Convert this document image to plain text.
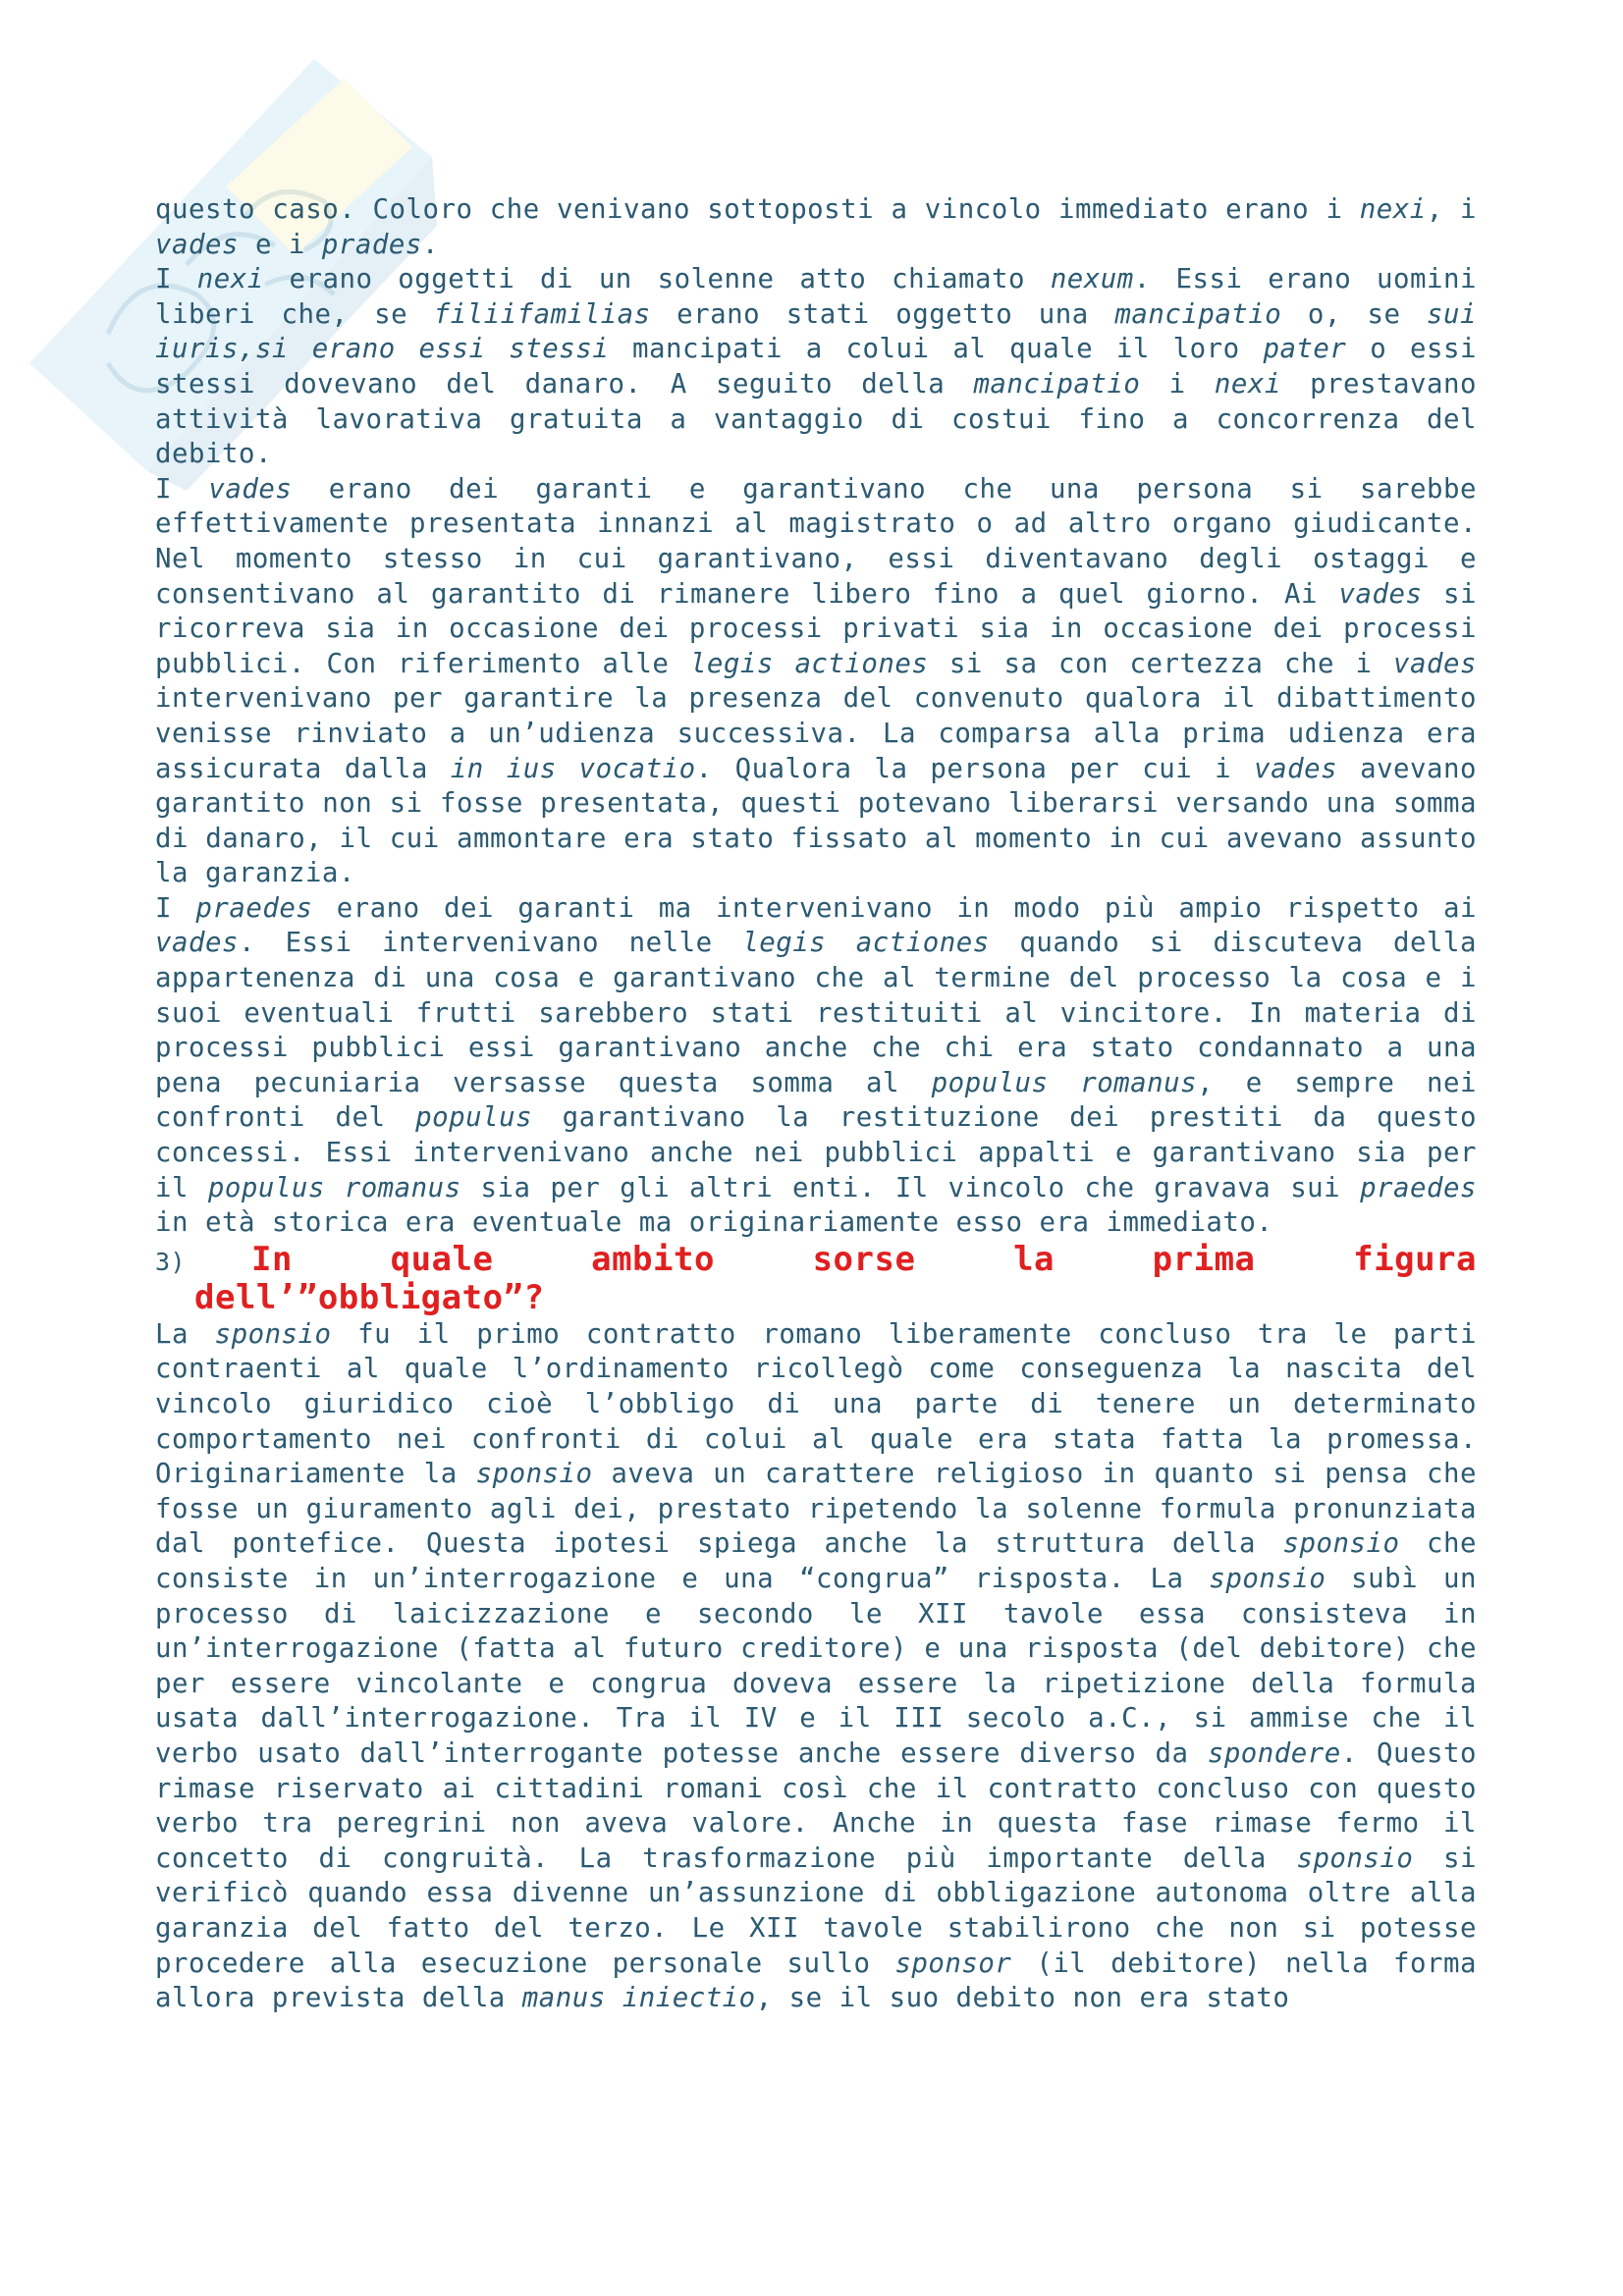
questo caso. Coloro che venivano sottoposti a vincolo immediato erano i nexi, i vades e i prades.

I nexi erano oggetti di un solenne atto chiamato nexum. Essi erano uomini liberi che, se filiifamilias erano stati oggetto una mancipatio o, se sui iuris,si erano essi stessi mancipati a colui al quale il loro pater o essi stessi dovevano del danaro. A seguito della mancipatio i nexi prestavano attività lavorativa gratuita a vantaggio di costui fino a concorrenza del debito.

I vades erano dei garanti e garantivano che una persona si sarebbe effettivamente presentata innanzi al magistrato o ad altro organo giudicante. Nel momento stesso in cui garantivano, essi diventavano degli ostaggi e consentivano al garantito di rimanere libero fino a quel giorno. Ai vades si ricorreva sia in occasione dei processi privati sia in occasione dei processi pubblici. Con riferimento alle legis actiones si sa con certezza che i vades intervenivano per garantire la presenza del convenuto qualora il dibattimento venisse rinviato a un’udienza successiva. La comparsa alla prima udienza era assicurata dalla in ius vocatio. Qualora la persona per cui i vades avevano garantito non si fosse presentata, questi potevano liberarsi versando una somma di danaro, il cui ammontare era stato fissato al momento in cui avevano assunto la garanzia.

I praedes erano dei garanti ma intervenivano in modo più ampio rispetto ai vades. Essi intervenivano nelle legis actiones quando si discuteva della appartenenza di una cosa e garantivano che al termine del processo la cosa e i suoi eventuali frutti sarebbero stati restituiti al vincitore. In materia di processi pubblici essi garantivano anche che chi era stato condannato a una pena pecuniaria versasse questa somma al populus romanus, e sempre nei confronti del populus garantivano la restituzione dei prestiti da questo concessi. Essi intervenivano anche nei pubblici appalti e garantivano sia per il populus romanus sia per gli altri enti. Il vincolo che gravava sui praedes in età storica era eventuale ma originariamente esso era immediato.

3)	In	quale	ambito	sorse	la	prima	figura
dell’”obbligato”?

La sponsio fu il primo contratto romano liberamente concluso tra le parti contraenti al quale l’ordinamento ricollegò come conseguenza la nascita del vincolo giuridico cioè l’obbligo di una parte di tenere un determinato comportamento nei confronti di colui al quale era stata fatta la promessa. Originariamente la sponsio aveva un carattere religioso in quanto si pensa che fosse un giuramento agli dei, prestato ripetendo la solenne formula pronunziata dal pontefice. Questa ipotesi spiega anche la struttura della sponsio che consiste in un’interrogazione e una “congrua” risposta. La sponsio subì un processo di laicizzazione e secondo le XII tavole essa consisteva in un’interrogazione (fatta al futuro creditore) e una risposta (del debitore) che per essere vincolante e congrua doveva essere la ripetizione della formula usata dall’interrogazione. Tra il IV e il III secolo a.C., si ammise che il verbo usato dall’interrogante potesse anche essere diverso da spondere. Questo rimase riservato ai cittadini romani così che il contratto concluso con questo verbo tra peregrini non aveva valore. Anche in questa fase rimase fermo il concetto di congruità. La trasformazione più importante della sponsio si verificò quando essa divenne un’assunzione di obbligazione autonoma oltre alla garanzia del fatto del terzo. Le XII tavole stabilirono che non si potesse procedere alla esecuzione personale sullo sponsor (il debitore) nella forma allora prevista della manus iniectio, se il suo debito non era stato
